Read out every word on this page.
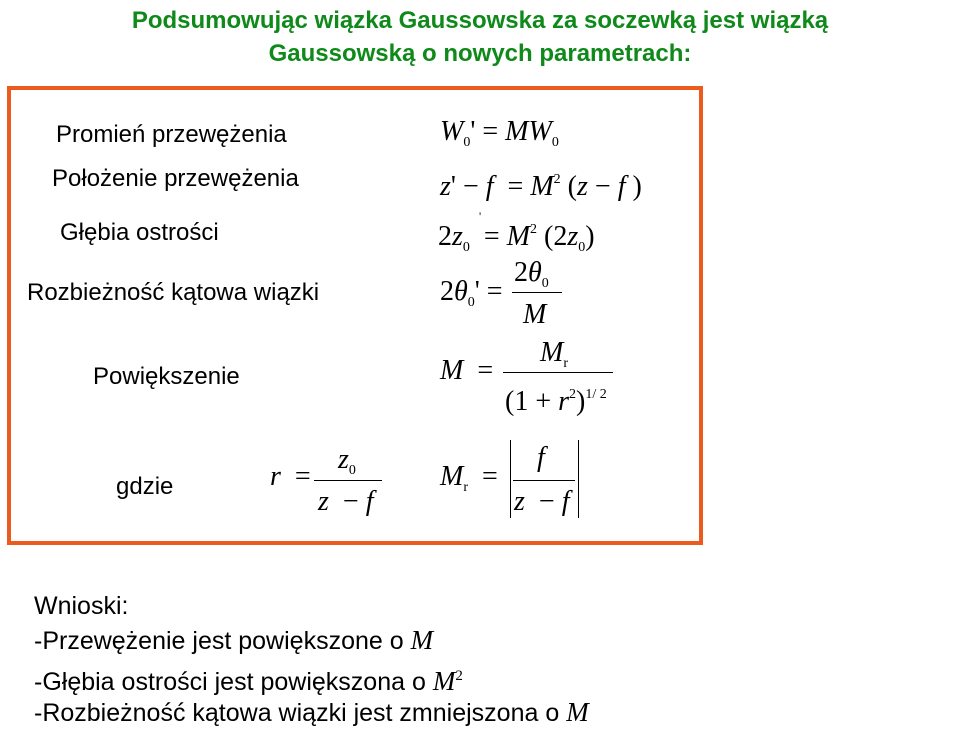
Podsumowując wiązka Gaussowska za soczewką jest wiązką
Gaussowską o nowych parametrach:
Promień przewężenia
Położenie przewężenia
Głębia ostrości
Rozbieżność kątowa wiązki
Powiększenie
gdzie
$W_0' = MW_0$
$z' - f = M^2$ (z − f )
$2z_0 = M^2$ $(2z_0)$
'
$2\theta_0'$ =
$2\theta_0$
M
M  =
$M_r$
$(1 + r^2)^{1/ 2}$
r  =
$z_0$
z  − f
$M_r$  =
f
z  − f
Wnioski:
-Przewężenie jest powiększone o M
-Głębia ostrości jest powiększona o $M^2$
-Rozbieżność kątowa wiązki jest zmniejszona o M
